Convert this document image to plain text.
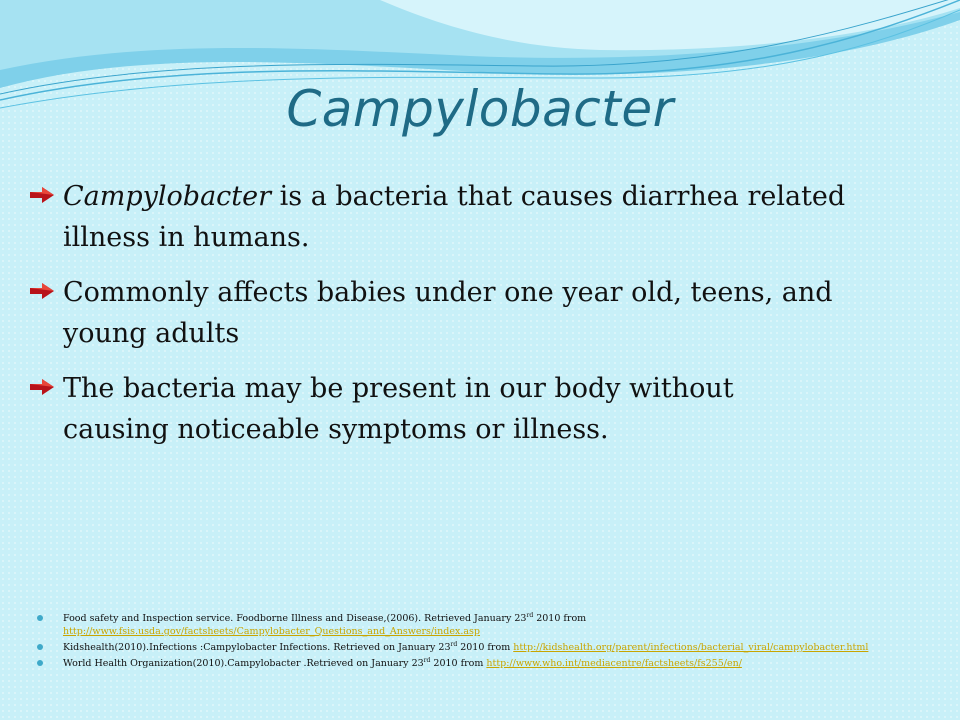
Campylobacter
Campylobacter is a bacteria that causes diarrhea related
illness in humans.
Commonly affects babies under one year old, teens, and
young adults
The bacteria may be present in our body without
causing noticeable symptoms or illness.
Food safety and Inspection service. Foodborne Illness and Disease,(2006). Retrieved January 23rd 2010 from
http://www.fsis.usda.gov/factsheets/Campylobacter_Questions_and_Answers/index.asp
Kidshealth(2010).Infections :Campylobacter Infections. Retrieved on January 23rd 2010 from http://kidshealth.org/parent/infections/bacterial_viral/campylobacter.html
World Health Organization(2010).Campylobacter .Retrieved on January 23rd 2010 from http://www.who.int/mediacentre/factsheets/fs255/en/
